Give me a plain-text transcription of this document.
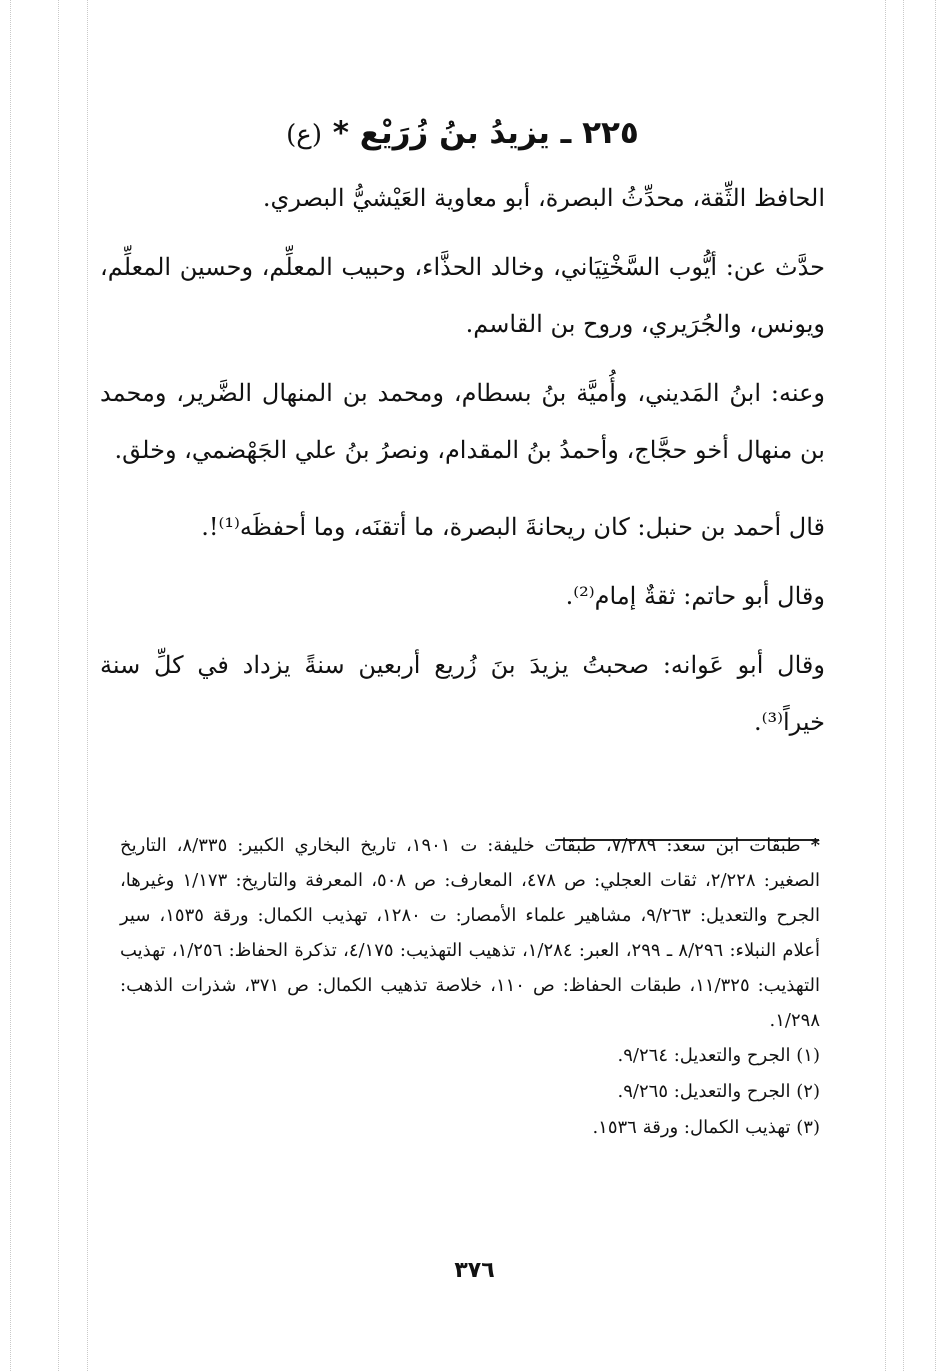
٢٢٥ ـ يزيدُ بنُ زُرَيْع * (ع)

الحافظ الثِّقة، محدِّثُ البصرة، أبو معاوية العَيْشيُّ البصري.

حدَّث عن: أيُّوب السَّخْتِيَاني، وخالد الحذَّاء، وحبيب المعلِّم، وحسين المعلِّم، ويونس، والجُرَيري، وروح بن القاسم.

وعنه: ابنُ المَديني، وأُميَّة بنُ بسطام، ومحمد بن المنهال الضَّرير، ومحمد بن منهال أخو حجَّاج، وأحمدُ بنُ المقدام، ونصرُ بنُ علي الجَهْضمي، وخلق.

قال أحمد بن حنبل: كان ريحانةَ البصرة، ما أتقنَه، وما أحفظَه⁽¹⁾!.

وقال أبو حاتم: ثقةٌ إمام⁽²⁾.

وقال أبو عَوانه: صحبتُ يزيدَ بنَ زُريع أربعين سنةً يزداد في كلِّ سنة خيراً⁽³⁾.

*طبقات ابن سعد: ٧/٢٨٩، طبقات خليفة: ت ١٩٠١، تاريخ البخاري الكبير: ٨/٣٣٥، التاريخ الصغير: ٢/٢٢٨، ثقات العجلي: ص ٤٧٨، المعارف: ص ٥٠٨، المعرفة والتاريخ: ١/١٧٣ وغيرها، الجرح والتعديل: ٩/٢٦٣، مشاهير علماء الأمصار: ت ١٢٨٠، تهذيب الكمال: ورقة ١٥٣٥، سير أعلام النبلاء: ٨/٢٩٦ ـ ٢٩٩، العبر: ١/٢٨٤، تذهيب التهذيب: ٤/١٧٥، تذكرة الحفاظ: ١/٢٥٦، تهذيب التهذيب: ١١/٣٢٥، طبقات الحفاظ: ص ١١٠، خلاصة تذهيب الكمال: ص ٣٧١، شذرات الذهب: ١/٢٩٨.

(١) الجرح والتعديل: ٩/٢٦٤.

(٢) الجرح والتعديل: ٩/٢٦٥.

(٣) تهذيب الكمال: ورقة ١٥٣٦.

٣٧٦
